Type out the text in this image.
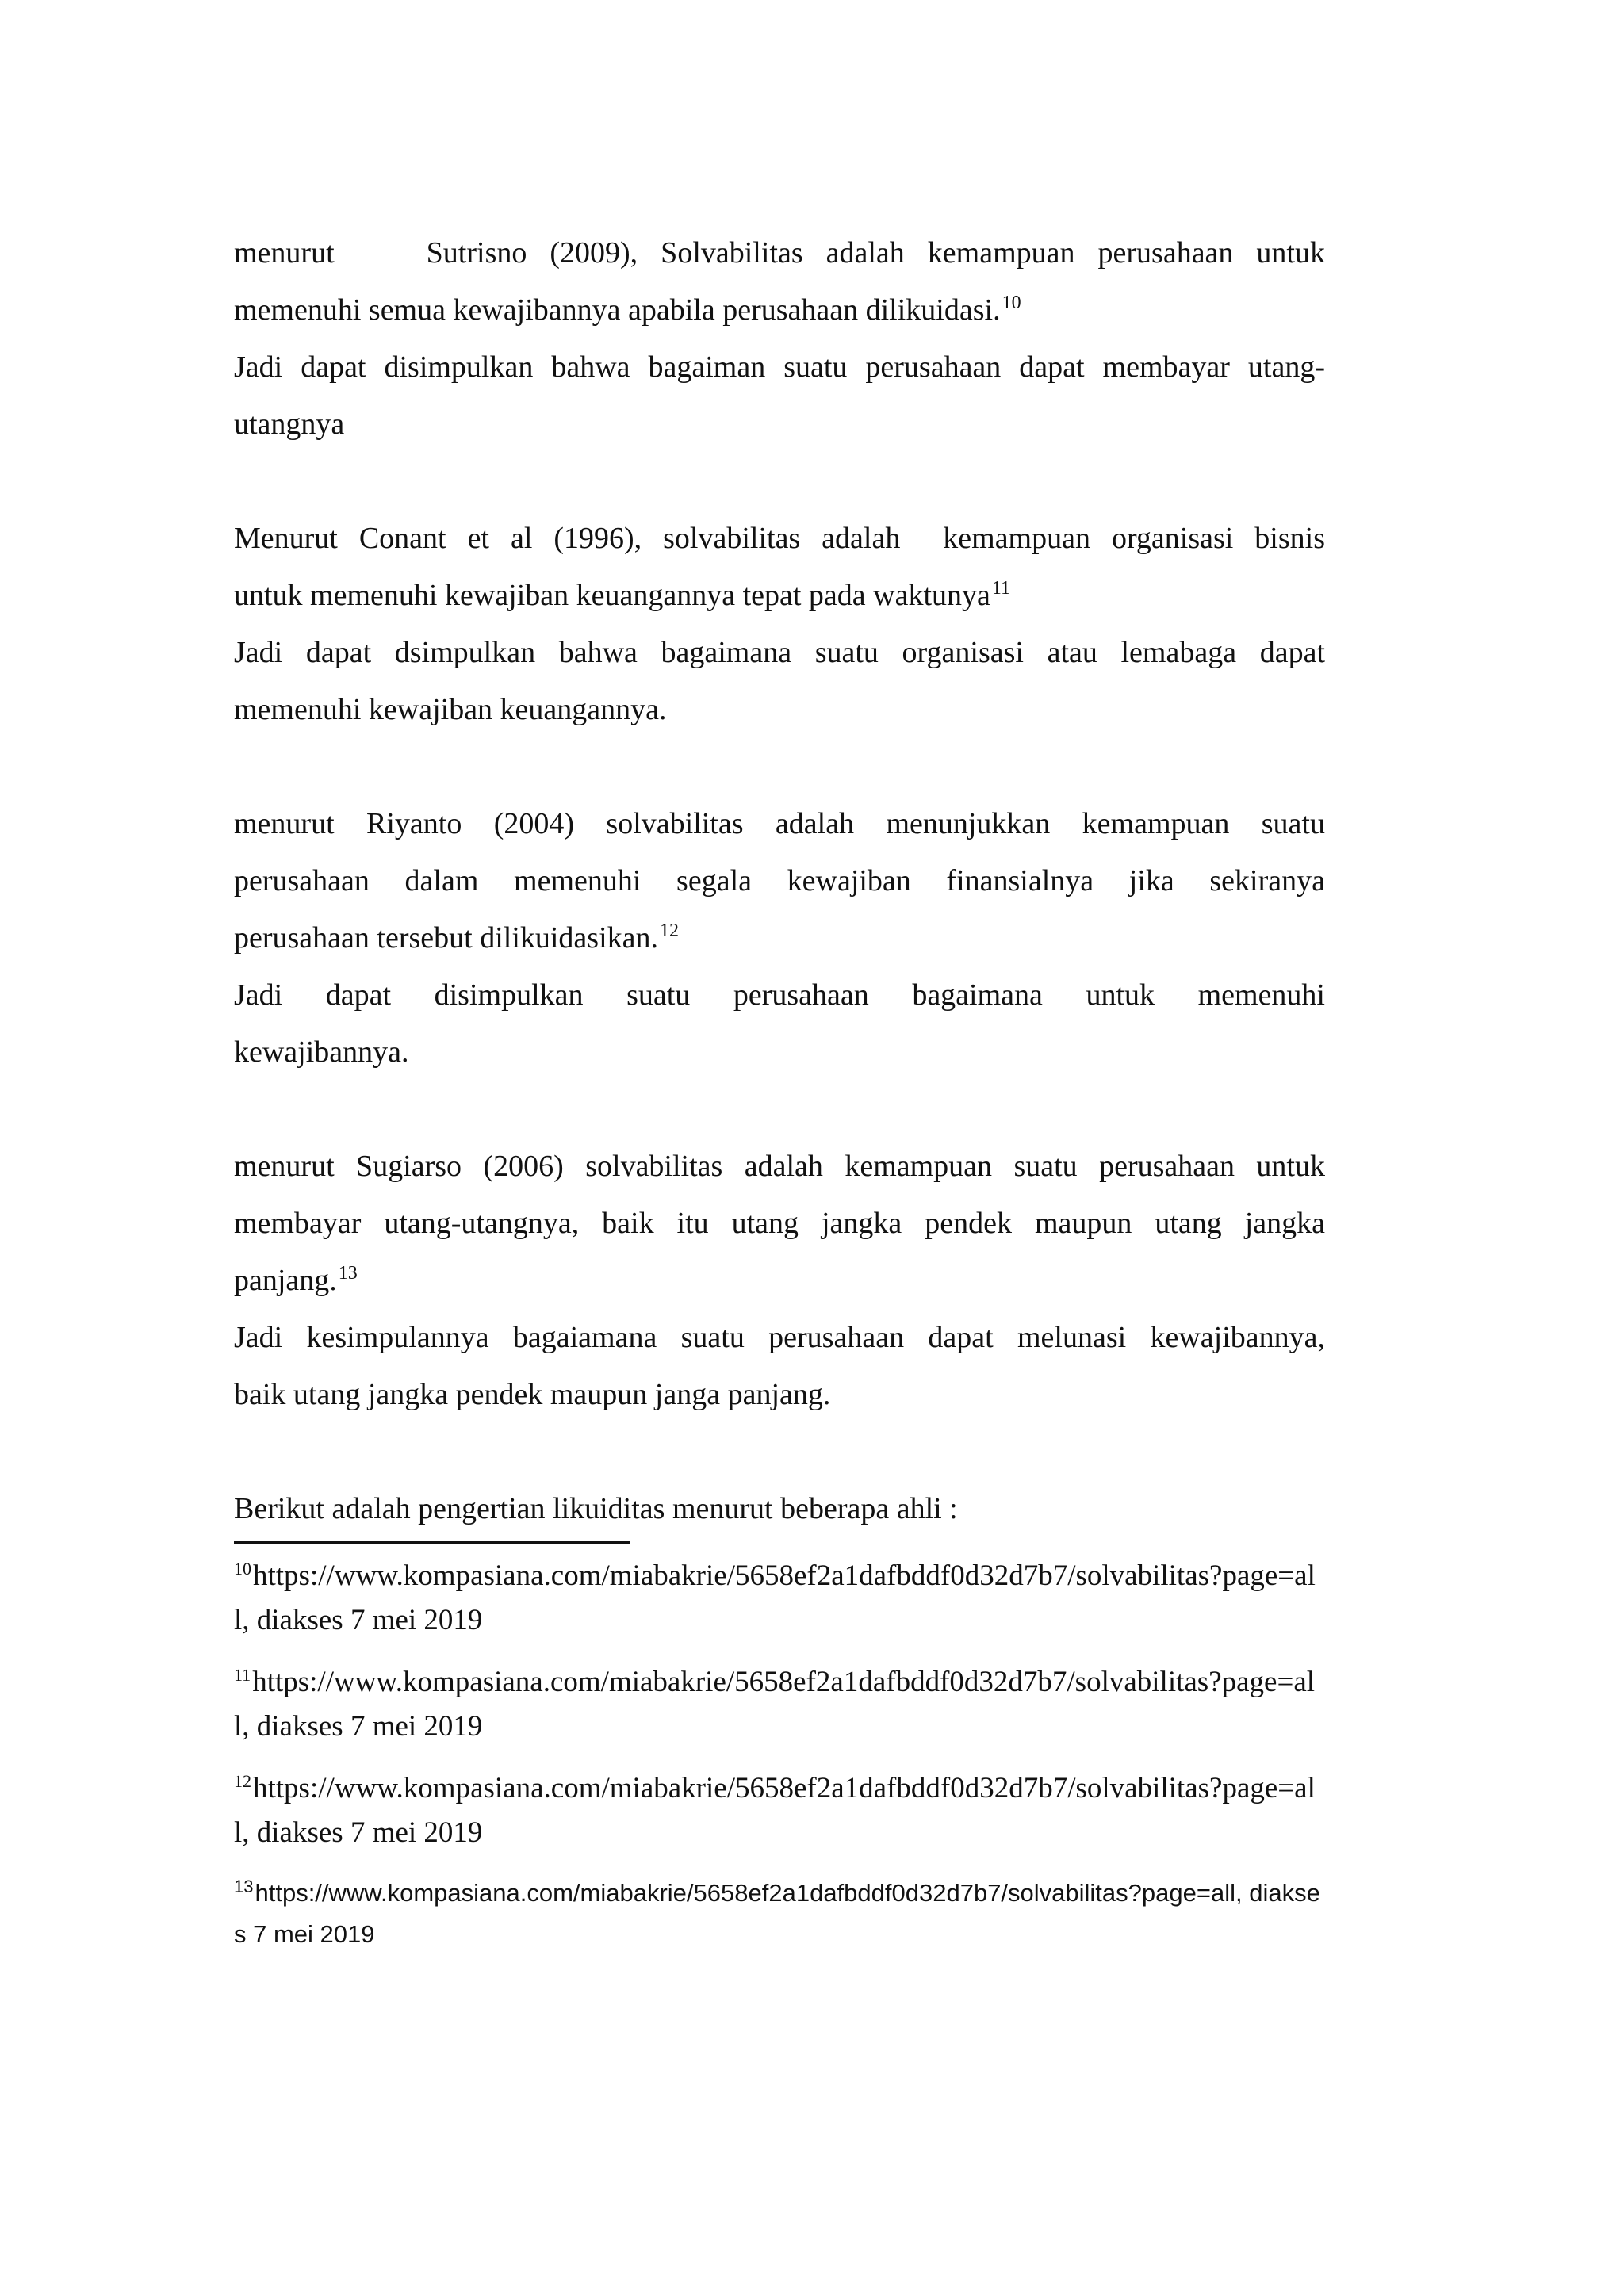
menurut    Sutrisno (2009), Solvabilitas adalah kemampuan perusahaan untuk
memenuhi semua kewajibannya apabila perusahaan dilikuidasi.$^{10}$
Jadi dapat disimpulkan bahwa bagaiman suatu perusahaan dapat membayar utang-
utangnya
Menurut Conant et al (1996), solvabilitas adalah  kemampuan organisasi bisnis
untuk memenuhi kewajiban keuangannya tepat pada waktunya$^{11}$
Jadi dapat dsimpulkan bahwa bagaimana suatu organisasi atau lemabaga dapat
memenuhi kewajiban keuangannya.
menurut Riyanto (2004) solvabilitas adalah menunjukkan kemampuan suatu
perusahaan dalam memenuhi segala kewajiban finansialnya jika sekiranya
perusahaan tersebut dilikuidasikan.$^{12}$
Jadi dapat disimpulkan suatu perusahaan bagaimana untuk memenuhi
kewajibannya.
menurut Sugiarso (2006) solvabilitas adalah kemampuan suatu perusahaan untuk
membayar utang-utangnya, baik itu utang jangka pendek maupun utang jangka
panjang.$^{13}$
Jadi kesimpulannya bagaiamana suatu perusahaan dapat melunasi kewajibannya,
baik utang jangka pendek maupun janga panjang.
Berikut adalah pengertian likuiditas menurut beberapa ahli :
$^{10}$https://www.kompasiana.com/miabakrie/5658ef2a1dafbddf0d32d7b7/solvabilitas?page=all, diakses 7 mei 2019
$^{11}$https://www.kompasiana.com/miabakrie/5658ef2a1dafbddf0d32d7b7/solvabilitas?page=all, diakses 7 mei 2019
$^{12}$https://www.kompasiana.com/miabakrie/5658ef2a1dafbddf0d32d7b7/solvabilitas?page=all, diakses 7 mei 2019
$^{13}$https://www.kompasiana.com/miabakrie/5658ef2a1dafbddf0d32d7b7/solvabilitas?page=all, diakses 7 mei 2019
